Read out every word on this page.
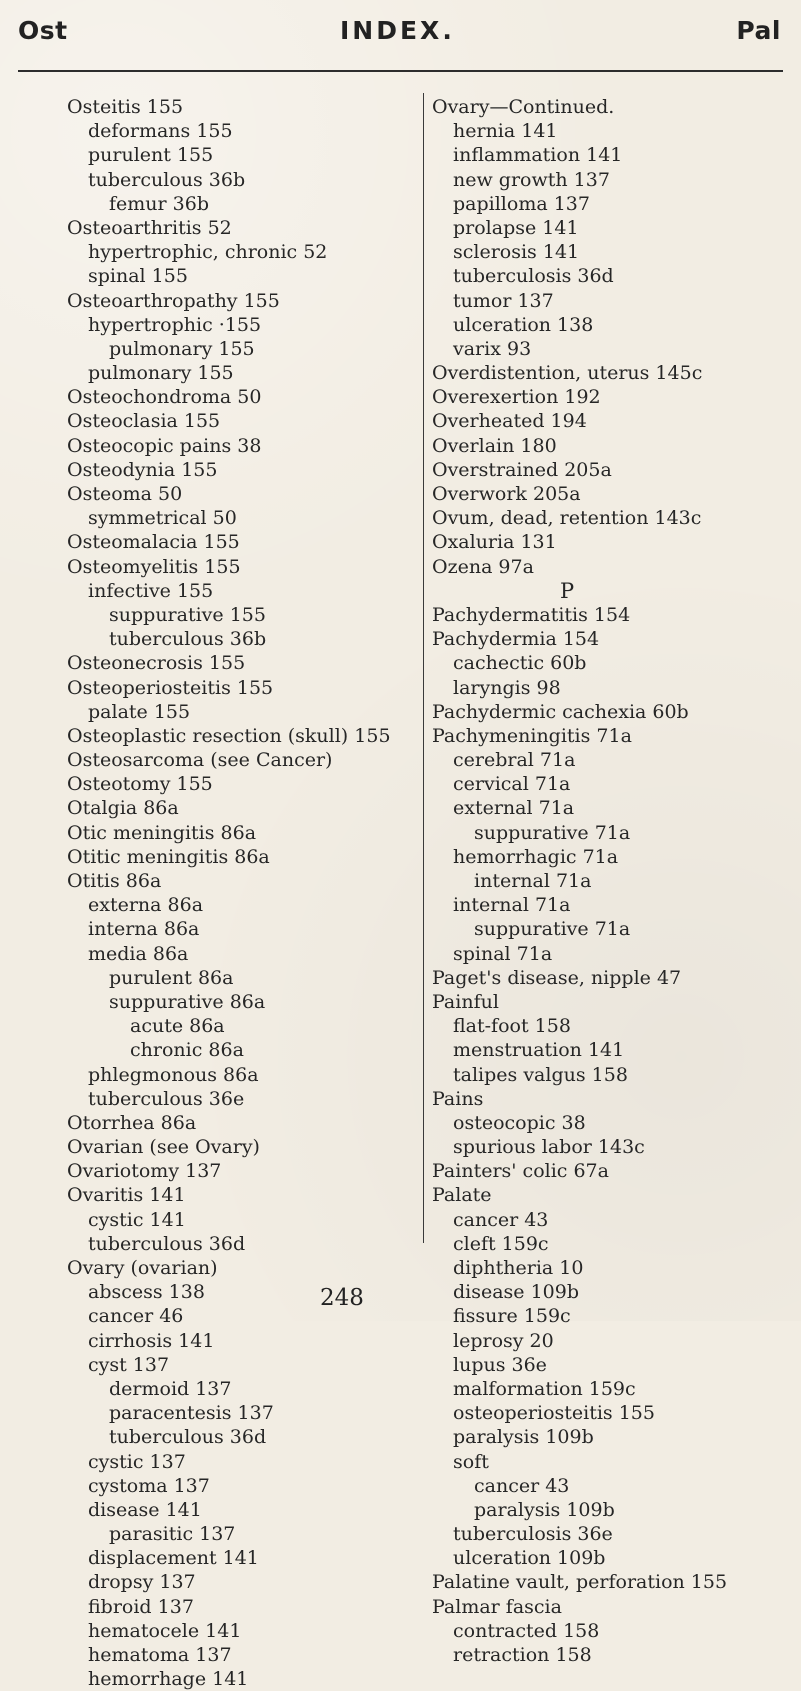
Ost	INDEX.	Pal
Osteitis 155
deformans 155
purulent 155
tuberculous 36b
femur 36b
Osteoarthritis 52
hypertrophic, chronic 52
spinal 155
Osteoarthropathy 155
hypertrophic ·155
pulmonary 155
pulmonary 155
Osteochondroma 50
Osteoclasia 155
Osteocopic pains 38
Osteodynia 155
Osteoma 50
symmetrical 50
Osteomalacia 155
Osteomyelitis 155
infective 155
suppurative 155
tuberculous 36b
Osteonecrosis 155
Osteoperiosteitis 155
palate 155
Osteoplastic resection (skull) 155
Osteosarcoma (see Cancer)
Osteotomy 155
Otalgia 86a
Otic meningitis 86a
Otitic meningitis 86a
Otitis 86a
externa 86a
interna 86a
media 86a
purulent 86a
suppurative 86a
acute 86a
chronic 86a
phlegmonous 86a
tuberculous 36e
Otorrhea 86a
Ovarian (see Ovary)
Ovariotomy 137
Ovaritis 141
cystic 141
tuberculous 36d
Ovary (ovarian)
abscess 138
cancer 46
cirrhosis 141
cyst 137
dermoid 137
paracentesis 137
tuberculous 36d
cystic 137
cystoma 137
disease 141
parasitic 137
displacement 141
dropsy 137
fibroid 137
hematocele 141
hematoma 137
hemorrhage 141
Ovary—Continued.
hernia 141
inflammation 141
new growth 137
papilloma 137
prolapse 141
sclerosis 141
tuberculosis 36d
tumor 137
ulceration 138
varix 93
Overdistention, uterus 145c
Overexertion 192
Overheated 194
Overlain 180
Overstrained 205a
Overwork 205a
Ovum, dead, retention 143c
Oxaluria 131
Ozena 97a
P
Pachydermatitis 154
Pachydermia 154
cachectic 60b
laryngis 98
Pachydermic cachexia 60b
Pachymeningitis 71a
cerebral 71a
cervical 71a
external 71a
suppurative 71a
hemorrhagic 71a
internal 71a
internal 71a
suppurative 71a
spinal 71a
Paget's disease, nipple 47
Painful
flat-foot 158
menstruation 141
talipes valgus 158
Pains
osteocopic 38
spurious labor 143c
Painters' colic 67a
Palate
cancer 43
cleft 159c
diphtheria 10
disease 109b
fissure 159c
leprosy 20
lupus 36e
malformation 159c
osteoperiosteitis 155
paralysis 109b
soft
cancer 43
paralysis 109b
tuberculosis 36e
ulceration 109b
Palatine vault, perforation 155
Palmar fascia
contracted 158
retraction 158
248
